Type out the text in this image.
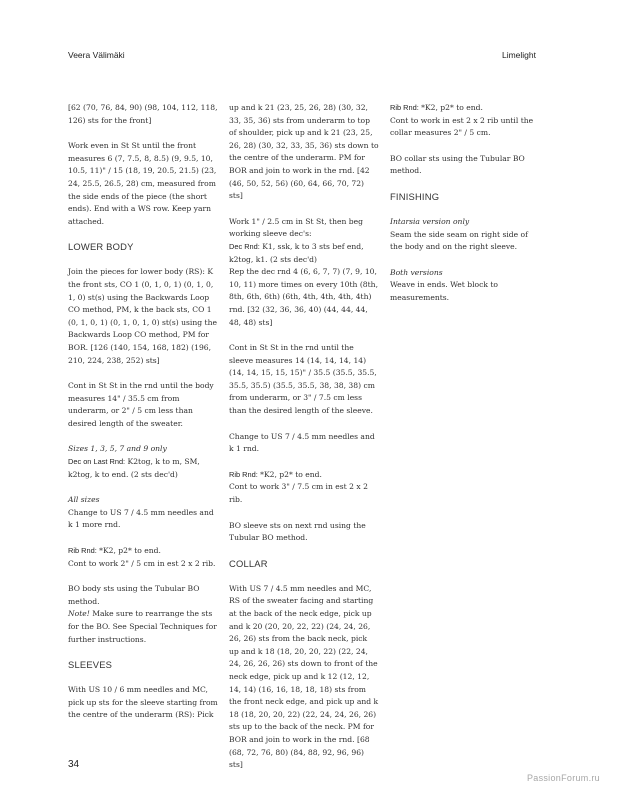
Veera Välimäki	Limelight

[62 (70, 76, 84, 90) (98, 104, 112, 118, 126) sts for the front]

Work even in St St until the front measures 6 (7, 7.5, 8, 8.5) (9, 9.5, 10, 10.5, 11)" / 15 (18, 19, 20.5, 21.5) (23, 24, 25.5, 26.5, 28) cm, measured from the side ends of the piece (the short ends). End with a WS row. Keep yarn attached.

LOWER BODY

Join the pieces for lower body (RS): K the front sts, CO 1 (0, 1, 0, 1) (0, 1, 0, 1, 0) st(s) using the Backwards Loop CO method, PM, k the back sts, CO 1 (0, 1, 0, 1) (0, 1, 0, 1, 0) st(s) using the Backwards Loop CO method, PM for BOR. [126 (140, 154, 168, 182) (196, 210, 224, 238, 252) sts]

Cont in St St in the rnd until the body measures 14" / 35.5 cm from underarm, or 2" / 5 cm less than desired length of the sweater.

Sizes 1, 3, 5, 7 and 9 only

Dec on Last Rnd: K2tog, k to m, SM, k2tog, k to end. (2 sts dec'd)

All sizes

Change to US 7 / 4.5 mm needles and k 1 more rnd.

Rib Rnd: *K2, p2* to end.

Cont to work 2" / 5 cm in est 2 x 2 rib.

BO body sts using the Tubular BO method.

Note! Make sure to rearrange the sts for the BO. See Special Techniques for further instructions.

SLEEVES

With US 10 / 6 mm needles and MC, pick up sts for the sleeve starting from the centre of the underarm (RS): Pick

up and k 21 (23, 25, 26, 28) (30, 32, 33, 35, 36) sts from underarm to top of shoulder, pick up and k 21 (23, 25, 26, 28) (30, 32, 33, 35, 36) sts down to the centre of the underarm. PM for BOR and join to work in the rnd. [42 (46, 50, 52, 56) (60, 64, 66, 70, 72) sts]

Work 1" / 2.5 cm in St St, then beg working sleeve dec's:

Dec Rnd: K1, ssk, k to 3 sts bef end, k2tog, k1. (2 sts dec'd)

Rep the dec rnd 4 (6, 6, 7, 7) (7, 9, 10, 10, 11) more times on every 10th (8th, 8th, 6th, 6th) (6th, 4th, 4th, 4th, 4th) rnd. [32 (32, 36, 36, 40) (44, 44, 44, 48, 48) sts]

Cont in St St in the rnd until the sleeve measures 14 (14, 14, 14, 14) (14, 14, 15, 15, 15)" / 35.5 (35.5, 35.5, 35.5, 35.5) (35.5, 35.5, 38, 38, 38) cm from underarm, or 3" / 7.5 cm less than the desired length of the sleeve.

Change to US 7 / 4.5 mm needles and k 1 rnd.

Rib Rnd: *K2, p2* to end.

Cont to work 3" / 7.5 cm in est 2 x 2 rib.

BO sleeve sts on next rnd using the Tubular BO method.

COLLAR

With US 7 / 4.5 mm needles and MC, RS of the sweater facing and starting at the back of the neck edge, pick up and k 20 (20, 20, 22, 22) (24, 24, 26, 26, 26) sts from the back neck, pick up and k 18 (18, 20, 20, 22) (22, 24, 24, 26, 26, 26) sts down to front of the neck edge, pick up and k 12 (12, 12, 14, 14) (16, 16, 18, 18, 18) sts from the front neck edge, and pick up and k 18 (18, 20, 20, 22) (22, 24, 24, 26, 26) sts up to the back of the neck. PM for BOR and join to work in the rnd. [68 (68, 72, 76, 80) (84, 88, 92, 96, 96) sts]

Rib Rnd: *K2, p2* to end.

Cont to work in est 2 x 2 rib until the collar measures 2" / 5 cm.

BO collar sts using the Tubular BO method.

FINISHING

Intarsia version only

Seam the side seam on right side of the body and on the right sleeve.

Both versions

Weave in ends. Wet block to measurements.

34
PassionForum.ru
